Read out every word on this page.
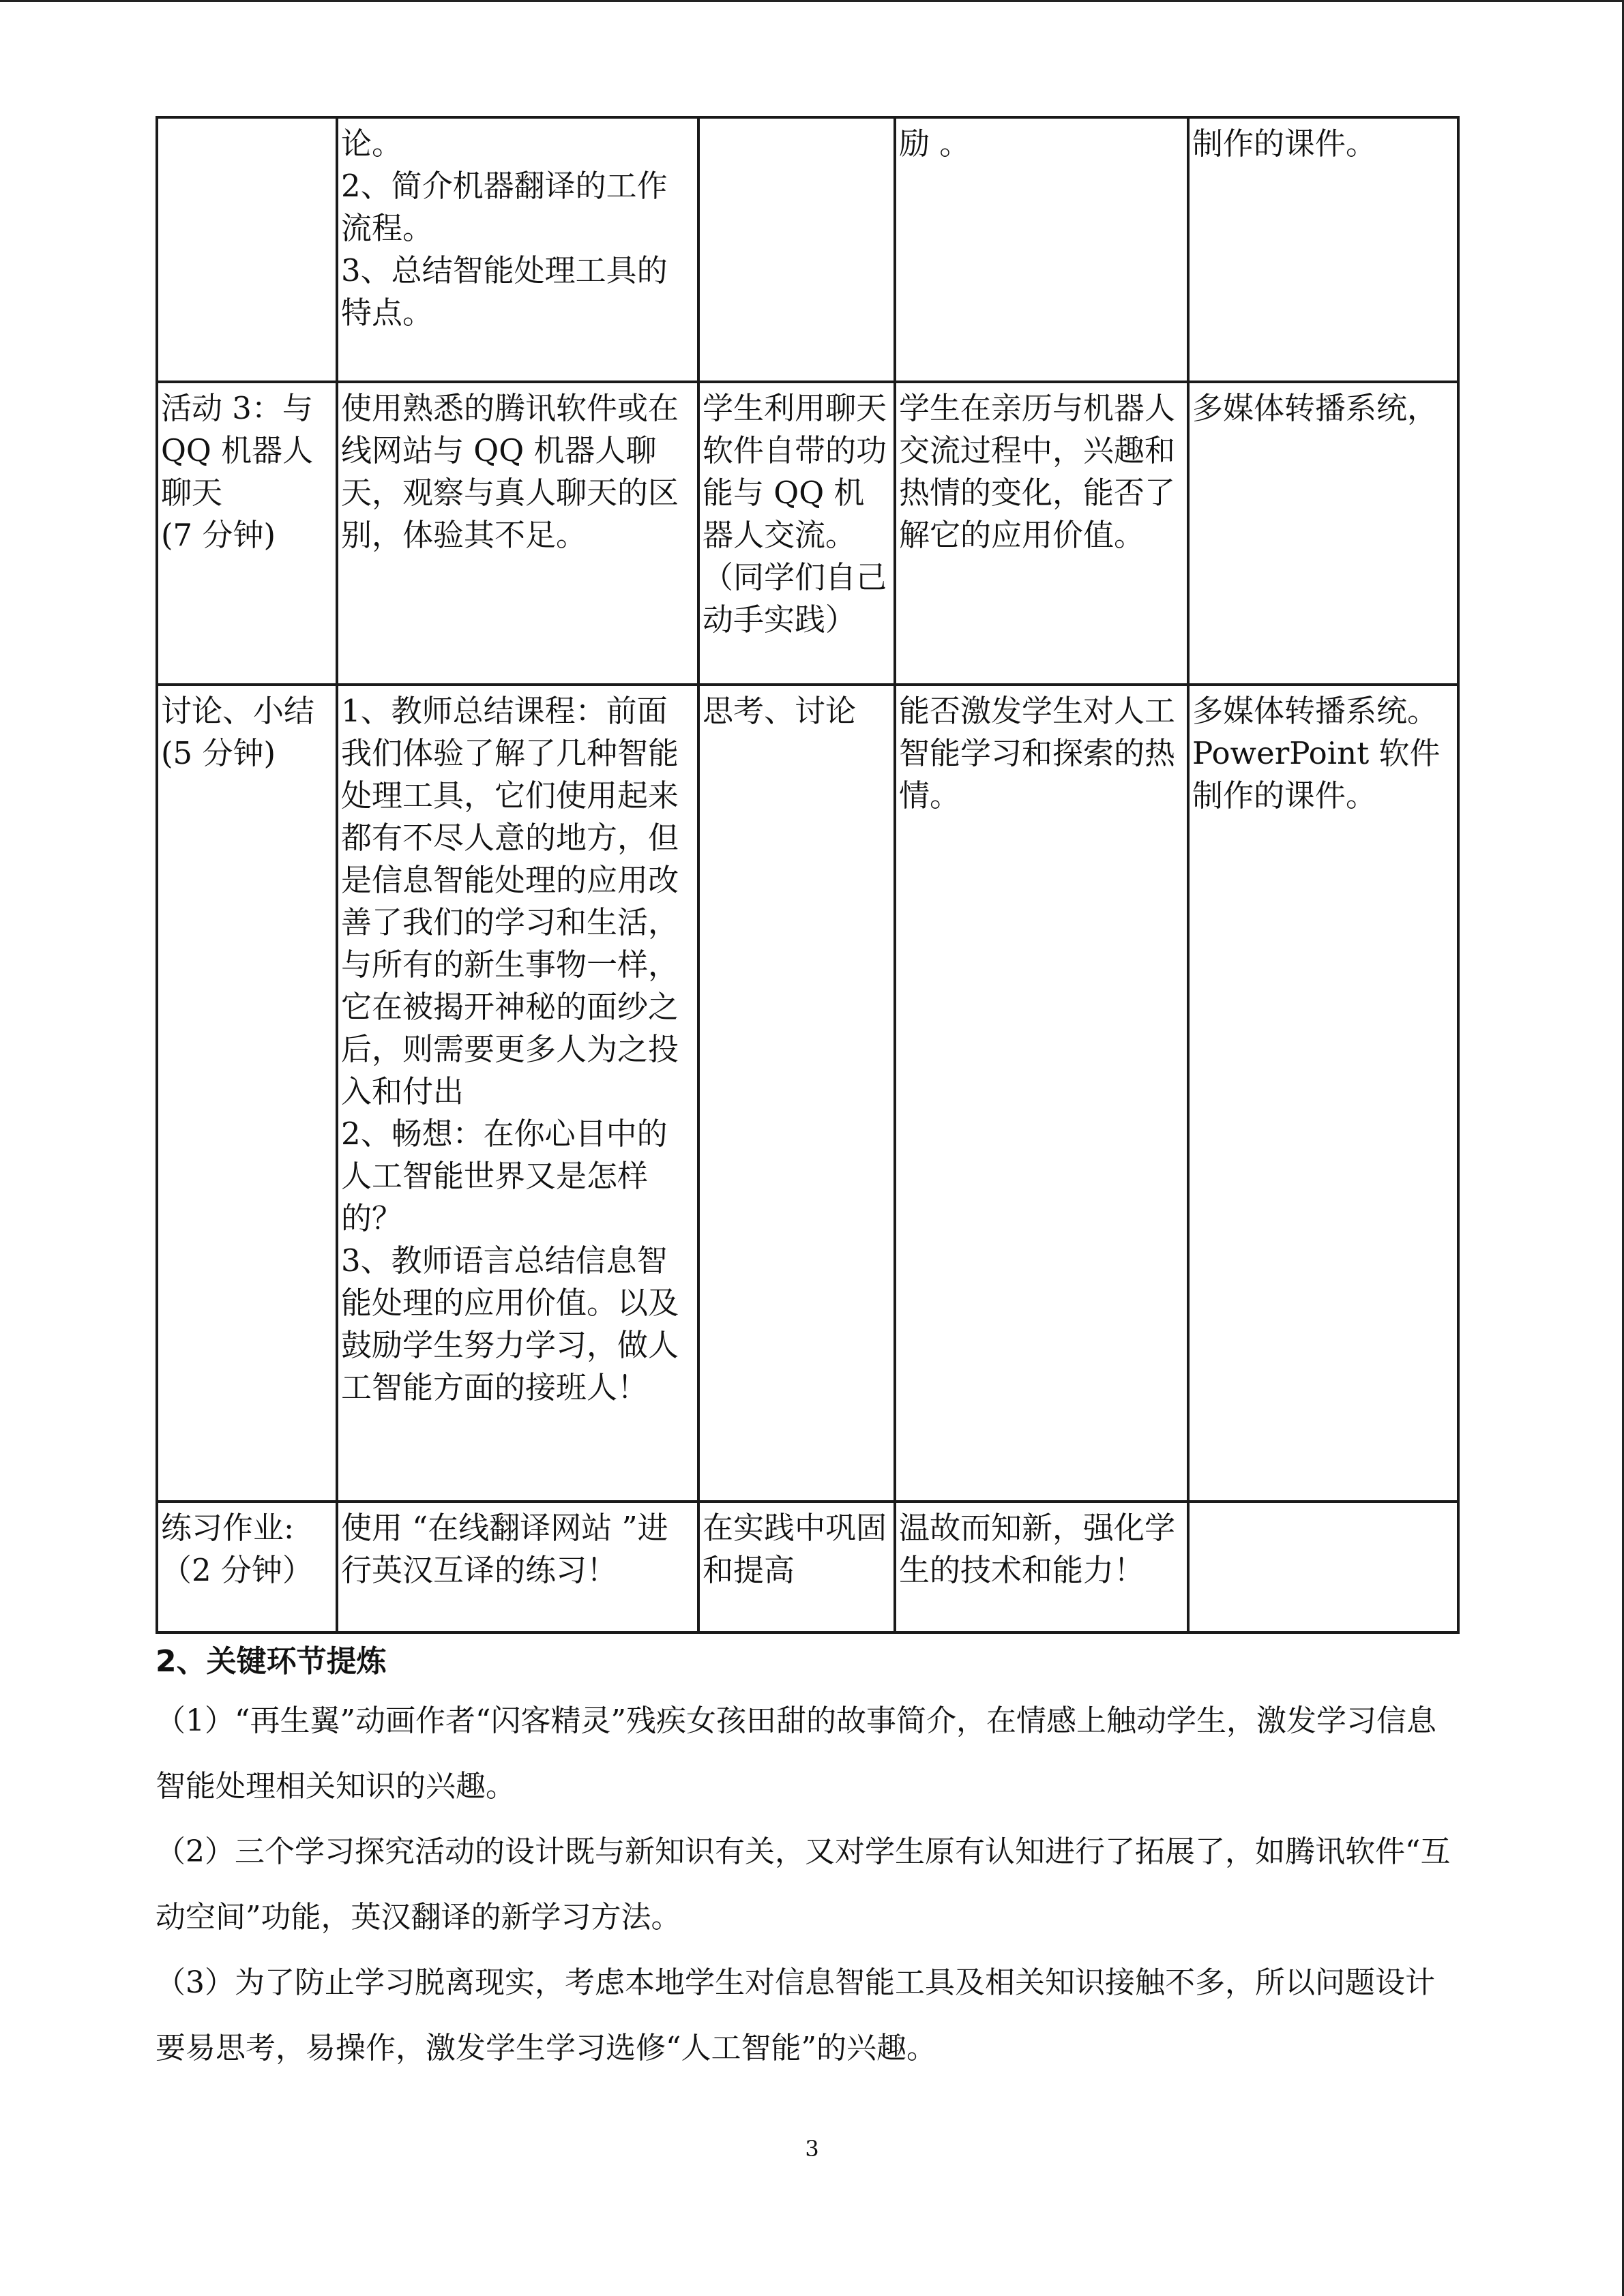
	论。
2、简介机器翻译的工作流程。
3、总结智能处理工具的特点。		励 。	制作的课件。
活动 3：与QQ 机器人聊天
(7 分钟)	使用熟悉的腾讯软件或在线网站与 QQ 机器人聊天，观察与真人聊天的区别，体验其不足。	学生利用聊天软件自带的功能与 QQ 机器人交流。（同学们自己动手实践）	学生在亲历与机器人交流过程中，兴趣和热情的变化，能否了解它的应用价值。	多媒体转播系统，
讨论、小结
(5 分钟)	1、教师总结课程：前面我们体验了解了几种智能处理工具，它们使用起来都有不尽人意的地方，但是信息智能处理的应用改善了我们的学习和生活，与所有的新生事物一样，它在被揭开神秘的面纱之后，则需要更多人为之投入和付出
2、畅想：在你心目中的人工智能世界又是怎样的？
3、教师语言总结信息智能处理的应用价值。以及鼓励学生努力学习，做人工智能方面的接班人！	思考、讨论	能否激发学生对人工智能学习和探索的热情。	多媒体转播系统。PowerPoint 软件制作的课件。
练习作业:
（2 分钟）	使用 “在线翻译网站 ”进行英汉互译的练习！	在实践中巩固和提高	温故而知新，强化学生的技术和能力！	
2、关键环节提炼
（1）“再生翼”动画作者“闪客精灵”残疾女孩田甜的故事简介，在情感上触动学生，激发学习信息智能处理相关知识的兴趣。
（2）三个学习探究活动的设计既与新知识有关，又对学生原有认知进行了拓展了，如腾讯软件“互动空间”功能，英汉翻译的新学习方法。
（3）为了防止学习脱离现实，考虑本地学生对信息智能工具及相关知识接触不多，所以问题设计要易思考，易操作，激发学生学习选修“人工智能”的兴趣。
3
